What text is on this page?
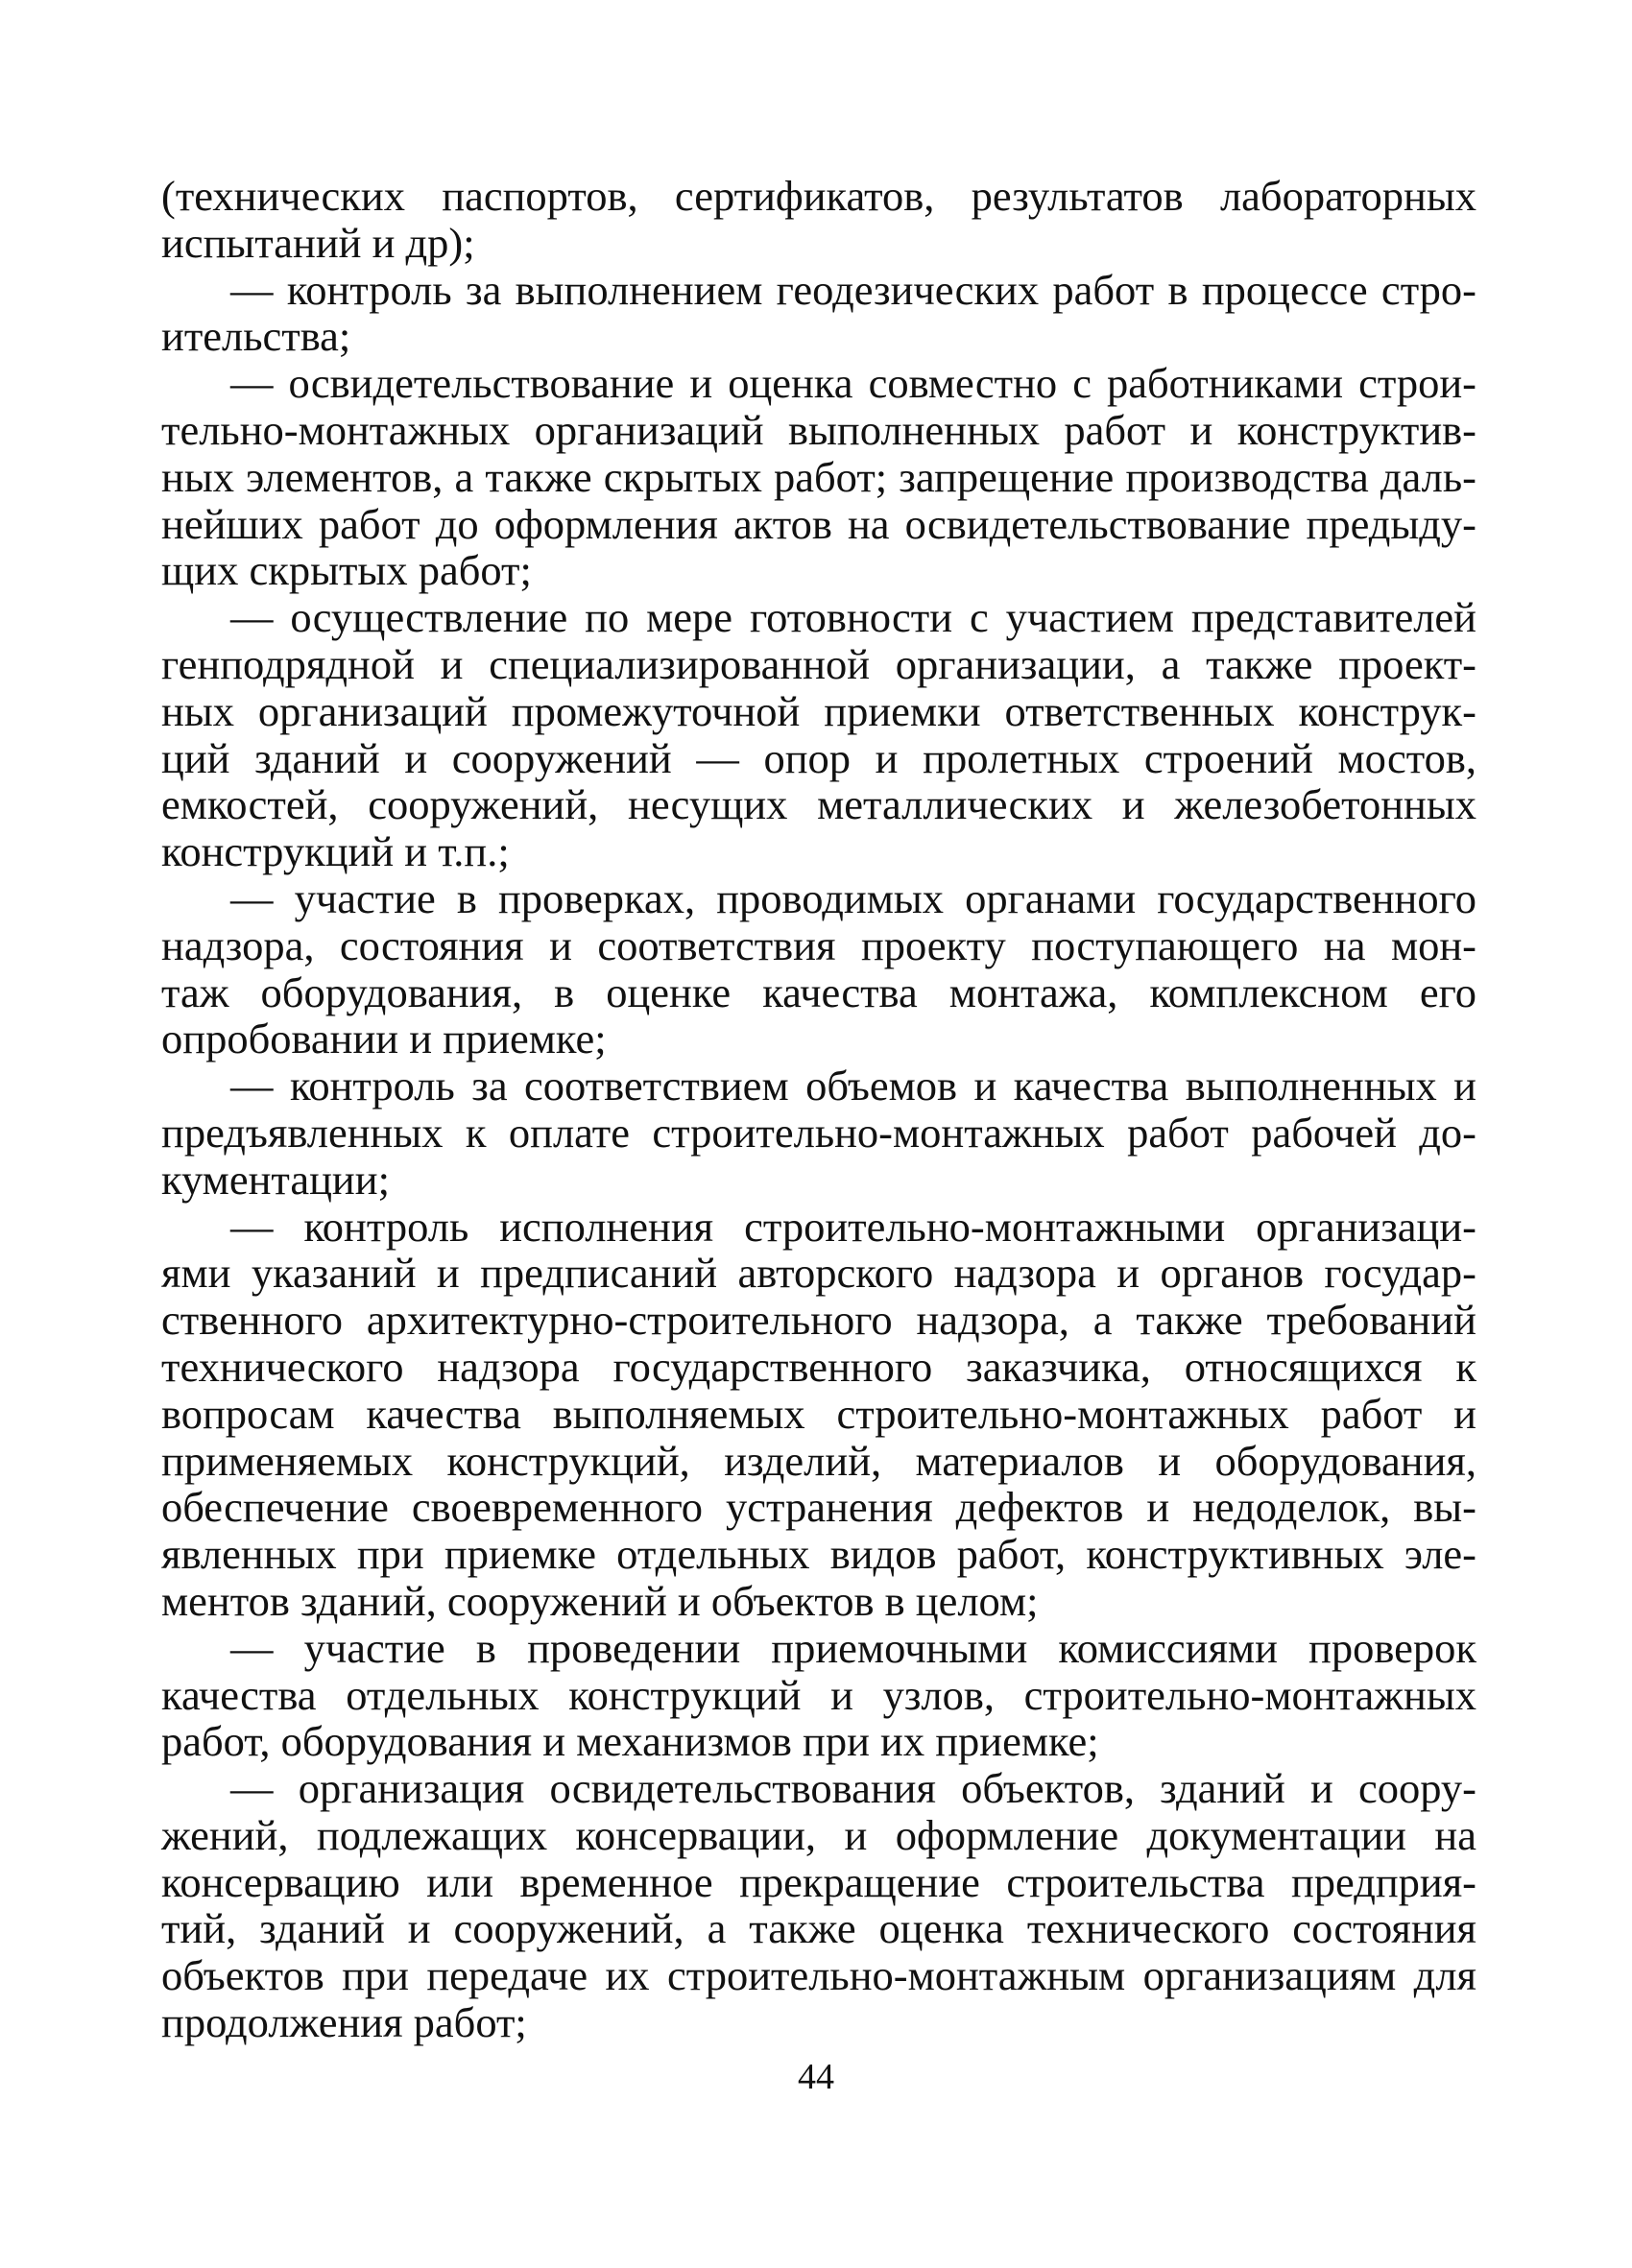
(технических паспортов, сертификатов, результатов лабораторных
испытаний и др);
— контроль за выполнением геодезических работ в процессе стро-
ительства;
— освидетельствование и оценка совместно с работниками строи-
тельно-монтажных организаций выполненных работ и конструктив-
ных элементов, а также скрытых работ; запрещение производства даль-
нейших работ до оформления актов на освидетельствование предыду-
щих скрытых работ;
— осуществление по мере готовности с участием представителей
генподрядной и специализированной организации, а также проект-
ных организаций промежуточной приемки ответственных конструк-
ций зданий и сооружений — опор и пролетных строений мостов,
емкостей, сооружений, несущих металлических и железобетонных
конструкций и т.п.;
— участие в проверках, проводимых органами государственного
надзора, состояния и соответствия проекту поступающего на мон-
таж оборудования, в оценке качества монтажа, комплексном его
опробовании и приемке;
— контроль за соответствием объемов и качества выполненных и
предъявленных к оплате строительно-монтажных работ рабочей до-
кументации;
— контроль исполнения строительно-монтажными организаци-
ями указаний и предписаний авторского надзора и органов государ-
ственного архитектурно-строительного надзора, а также требований
технического надзора государственного заказчика, относящихся к
вопросам качества выполняемых строительно-монтажных работ и
применяемых конструкций, изделий, материалов и оборудования,
обеспечение своевременного устранения дефектов и недоделок, вы-
явленных при приемке отдельных видов работ, конструктивных эле-
ментов зданий, сооружений и объектов в целом;
— участие в проведении приемочными комиссиями проверок
качества отдельных конструкций и узлов, строительно-монтажных
работ, оборудования и механизмов при их приемке;
— организация освидетельствования объектов, зданий и соору-
жений, подлежащих консервации, и оформление документации на
консервацию или временное прекращение строительства предприя-
тий, зданий и сооружений, а также оценка технического состояния
объектов при передаче их строительно-монтажным организациям для
продолжения работ;
44
